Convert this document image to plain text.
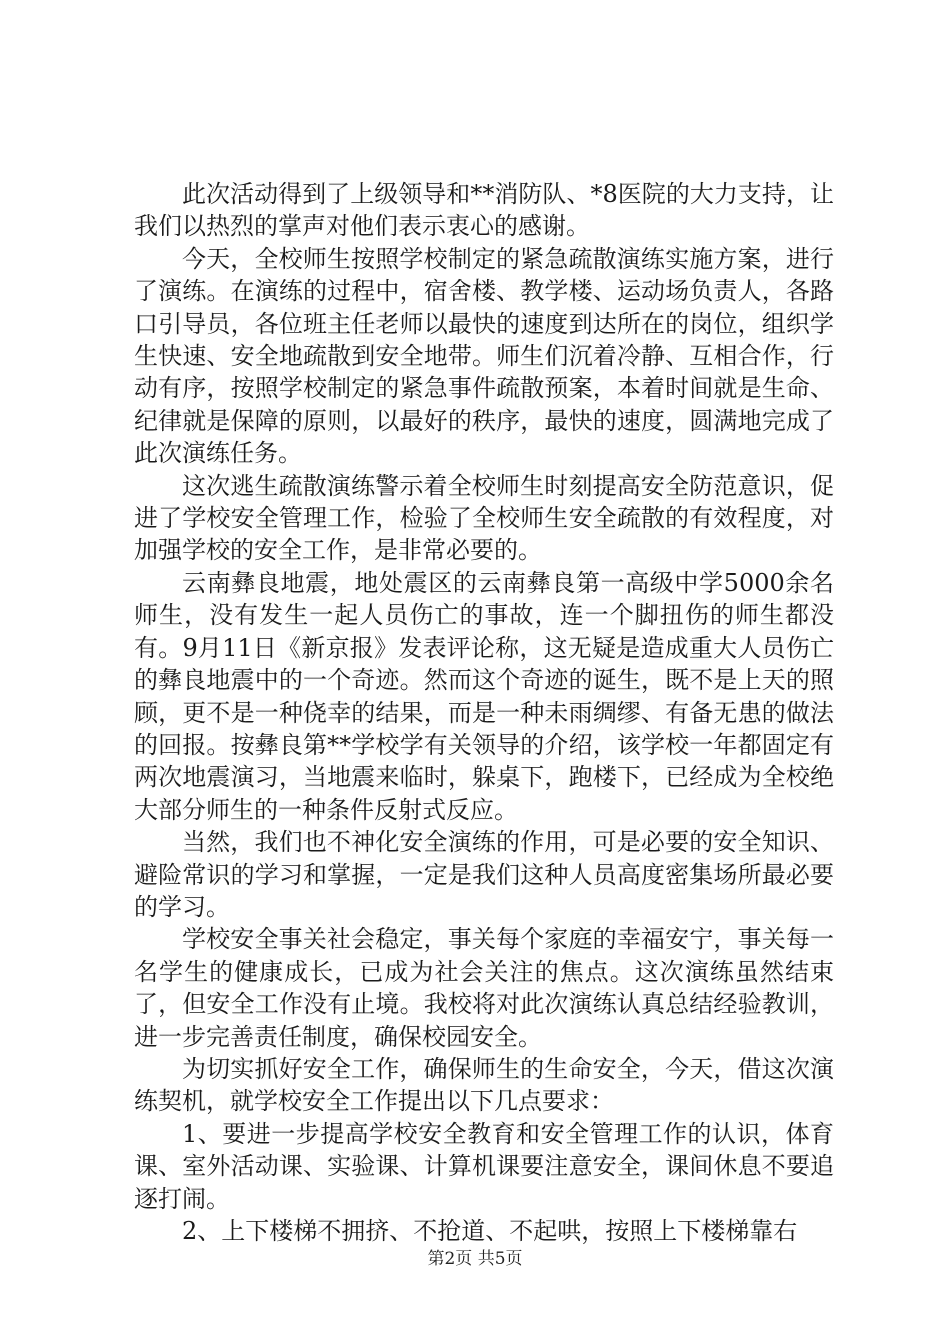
此次活动得到了上级领导和**消防队、*8医院的大力支持，让我们以热烈的掌声对他们表示衷心的感谢。

今天，全校师生按照学校制定的紧急疏散演练实施方案，进行了演练。在演练的过程中，宿舍楼、教学楼、运动场负责人，各路口引导员，各位班主任老师以最快的速度到达所在的岗位，组织学生快速、安全地疏散到安全地带。师生们沉着冷静、互相合作，行动有序，按照学校制定的紧急事件疏散预案，本着时间就是生命、纪律就是保障的原则，以最好的秩序，最快的速度，圆满地完成了此次演练任务。

这次逃生疏散演练警示着全校师生时刻提高安全防范意识，促进了学校安全管理工作，检验了全校师生安全疏散的有效程度，对加强学校的安全工作，是非常必要的。

云南彝良地震，地处震区的云南彝良第一高级中学5000余名师生，没有发生一起人员伤亡的事故，连一个脚扭伤的师生都没有。9月11日《新京报》发表评论称，这无疑是造成重大人员伤亡的彝良地震中的一个奇迹。然而这个奇迹的诞生，既不是上天的照顾，更不是一种侥幸的结果，而是一种未雨绸缪、有备无患的做法的回报。按彝良第**学校学有关领导的介绍，该学校一年都固定有两次地震演习，当地震来临时，躲桌下，跑楼下，已经成为全校绝大部分师生的一种条件反射式反应。

当然，我们也不神化安全演练的作用，可是必要的安全知识、避险常识的学习和掌握，一定是我们这种人员高度密集场所最必要的学习。

学校安全事关社会稳定，事关每个家庭的幸福安宁，事关每一名学生的健康成长，已成为社会关注的焦点。这次演练虽然结束了，但安全工作没有止境。我校将对此次演练认真总结经验教训，进一步完善责任制度，确保校园安全。

为切实抓好安全工作，确保师生的生命安全，今天，借这次演练契机，就学校安全工作提出以下几点要求：

1、要进一步提高学校安全教育和安全管理工作的认识，体育课、室外活动课、实验课、计算机课要注意安全，课间休息不要追逐打闹。

2、上下楼梯不拥挤、不抢道、不起哄，按照上下楼梯靠右

第2页 共5页
